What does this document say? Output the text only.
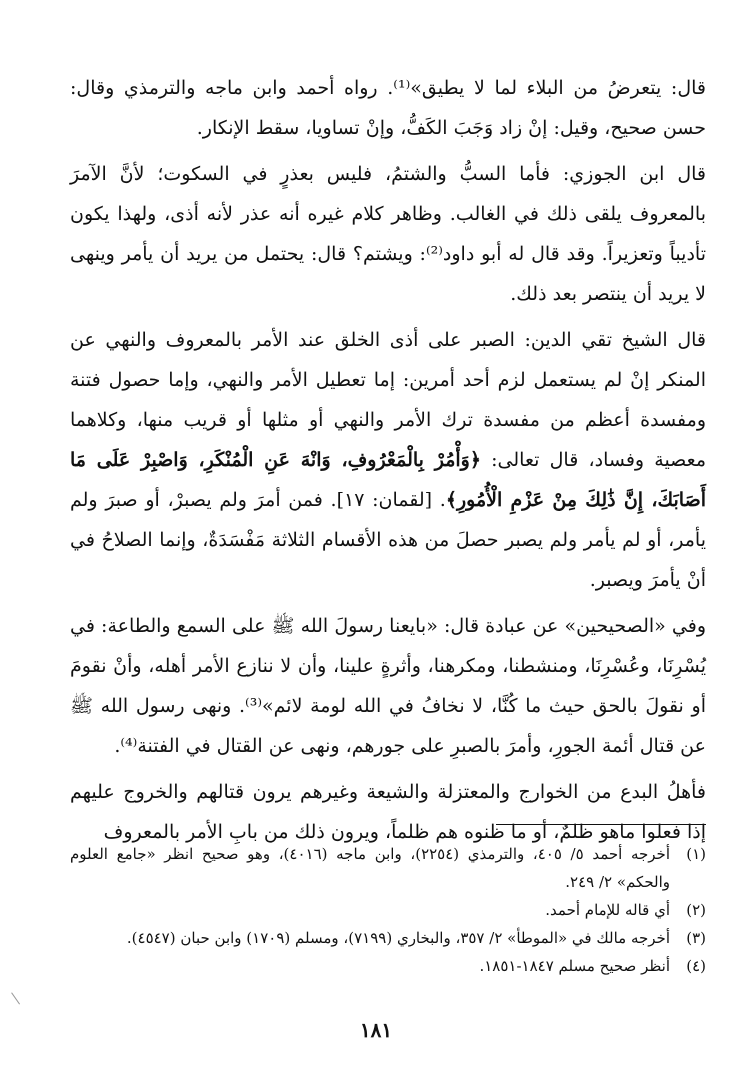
قال: يتعرضُ من البلاء لما لا يطيق»⁽¹⁾. رواه أحمد وابن ماجه والترمذي وقال: حسن صحيح، وقيل: إنْ زاد وَجَبَ الكَفُّ، وإنْ تساويا، سقط الإنكار.

قال ابن الجوزي: فأما السبُّ والشتمُ، فليس بعذرٍ في السكوت؛ لأنَّ الآمرَ بالمعروف يلقى ذلك في الغالب. وظاهر كلام غيره أنه عذر لأنه أذى، ولهذا يكون تأديباً وتعزيراً. وقد قال له أبو داود⁽²⁾: ويشتم؟ قال: يحتمل من يريد أن يأمر وينهى لا يريد أن ينتصر بعد ذلك.

قال الشيخ تقي الدين: الصبر على أذى الخلق عند الأمر بالمعروف والنهي عن المنكر إنْ لم يستعمل لزم أحد أمرين: إما تعطيل الأمر والنهي، وإما حصول فتنة ومفسدة أعظم من مفسدة ترك الأمر والنهي أو مثلها أو قريب منها، وكلاهما معصية وفساد، قال تعالى: ﴿وَأْمُرْ بِالْمَعْرُوفِ، وَانْهَ عَنِ الْمُنْكَرِ، وَاصْبِرْ عَلَى مَا أَصَابَكَ، إِنَّ ذَٰلِكَ مِنْ عَزْمِ الْأُمُورِ﴾. [لقمان: ١٧]. فمن أمرَ ولم يصبرْ، أو صبرَ ولم يأمر، أو لم يأمر ولم يصبر حصلَ من هذه الأقسام الثلاثة مَفْسَدَةٌ، وإنما الصلاحُ في أنْ يأمرَ ويصبر.

وفي «الصحيحين» عن عبادة قال: «بايعنا رسولَ الله ﷺ على السمع والطاعة: في يُسْرِنَا، وعُسْرِنَا، ومنشطنا، ومكرهنا، وأثرةٍ علينا، وأن لا ننازع الأمر أهله، وأنْ نقومَ أو نقولَ بالحق حيث ما كُنَّا، لا نخافُ في الله لومة لائم»⁽³⁾. ونهى رسول الله ﷺ عن قتال أئمة الجورِ، وأمرَ بالصبرِ على جورهم، ونهى عن القتال في الفتنة⁽⁴⁾.

فأهلُ البدع من الخوارج والمعتزلة والشيعة وغيرهم يرون قتالهم والخروج عليهم إذا فعلوا ماهو ظلمٌ، أو ما ظنوه هم ظلماً، ويرون ذلك من بابِ الأمر بالمعروف

(١)
أخرجه أحمد ٥/ ٤٠٥، والترمذي (٢٢٥٤)، وابن ماجه (٤٠١٦)، وهو صحيح انظر «جامع العلوم والحكم» ٢/ ٢٤٩.
(٢)
أي قاله للإمام أحمد.
(٣)
أخرجه مالك في «الموطأ» ٢/ ٣٥٧، والبخاري (٧١٩٩)، ومسلم (١٧٠٩) وابن حبان (٤٥٤٧).
(٤)
أنظر صحيح مسلم ١٨٤٧-١٨٥١.
١٨١
